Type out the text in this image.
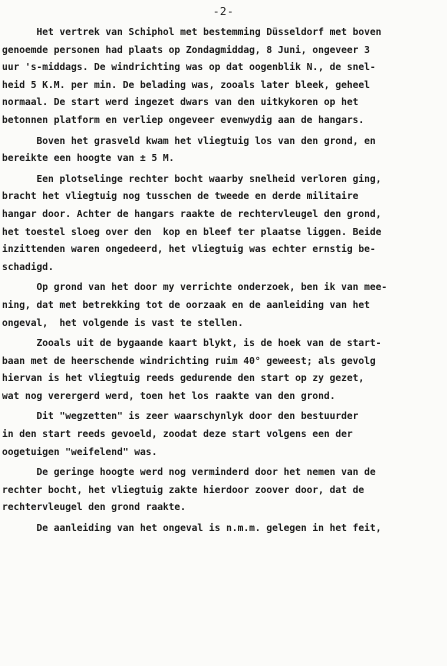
-2-
Het vertrek van Schiphol met bestemming Düsseldorf met boven
genoemde personen had plaats op Zondagmiddag, 8 Juni, ongeveer 3
uur 's-middags. De windrichting was op dat oogenblik N., de snel-
heid 5 K.M. per min. De belading was, zooals later bleek, geheel
normaal. De start werd ingezet dwars van den uitkykoren op het
betonnen platform en verliep ongeveer evenwydig aan de hangars.
Boven het grasveld kwam het vliegtuig los van den grond, en
bereikte een hoogte van ± 5 M.
Een plotselinge rechter bocht waarby snelheid verloren ging,
bracht het vliegtuig nog tusschen de tweede en derde militaire
hangar door. Achter de hangars raakte de rechtervleugel den grond,
het toestel sloeg over den  kop en bleef ter plaatse liggen. Beide
inzittenden waren ongedeerd, het vliegtuig was echter ernstig be-
schadigd.
Op grond van het door my verrichte onderzoek, ben ik van mee-
ning, dat met betrekking tot de oorzaak en de aanleiding van het
ongeval,  het volgende is vast te stellen.
Zooals uit de bygaande kaart blykt, is de hoek van de start-
baan met de heerschende windrichting ruim 40° geweest; als gevolg
hiervan is het vliegtuig reeds gedurende den start op zy gezet,
wat nog verergerd werd, toen het los raakte van den grond.
Dit "wegzetten" is zeer waarschynlyk door den bestuurder
in den start reeds gevoeld, zoodat deze start volgens een der
oogetuigen "weifelend" was.
De geringe hoogte werd nog verminderd door het nemen van de
rechter bocht, het vliegtuig zakte hierdoor zoover door, dat de
rechtervleugel den grond raakte.
De aanleiding van het ongeval is n.m.m. gelegen in het feit,
